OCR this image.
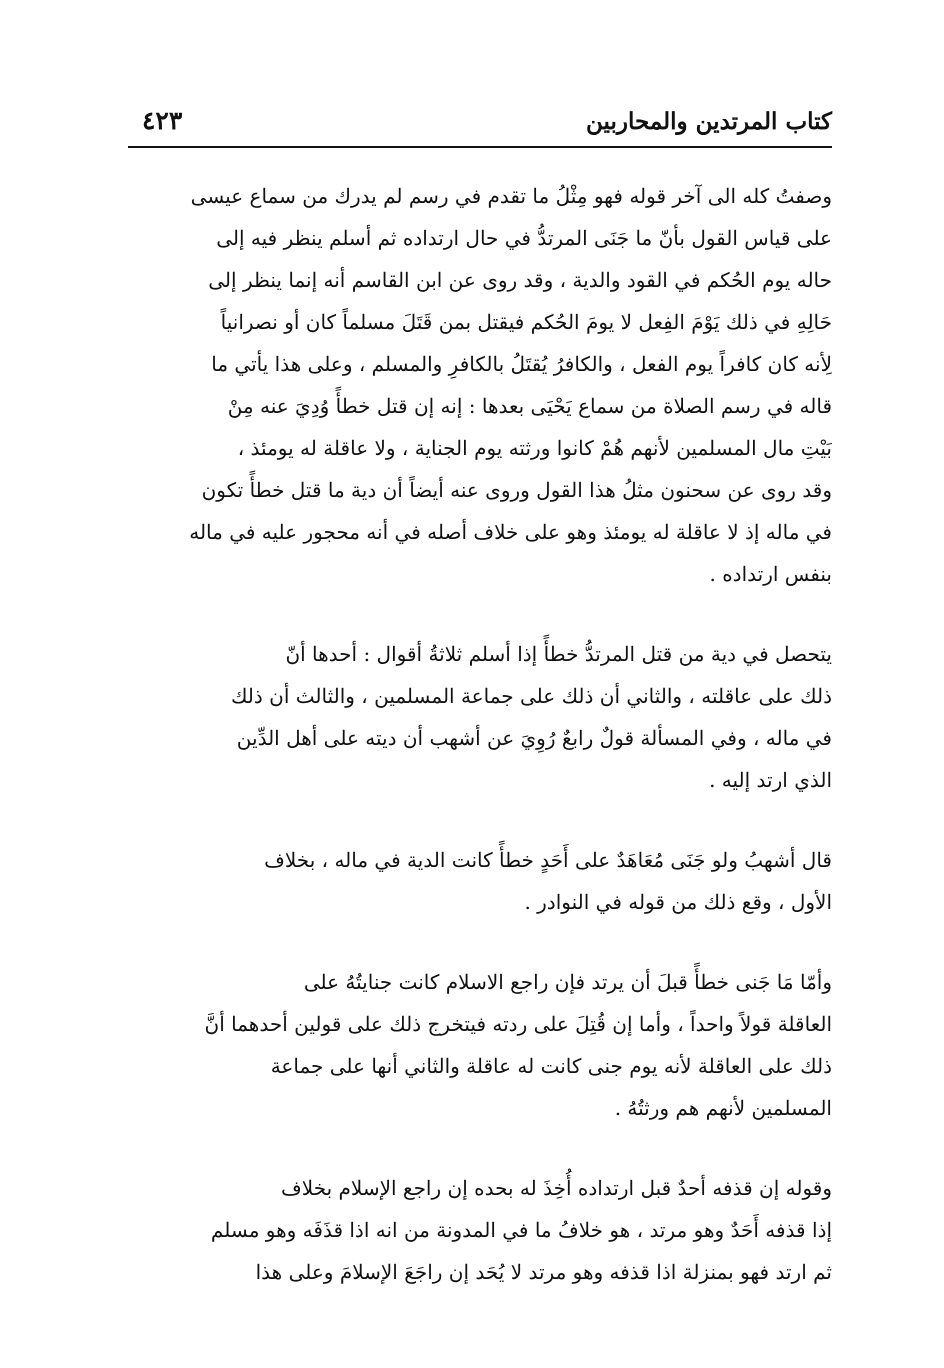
كتاب المرتدين والمحاربين

٤٢٣

وصفتُ كله الى آخر قوله فهو مِثْلُ ما تقدم في رسم لم يدرك من سماع عيسى
على قياس القول بأنّ ما جَنَى المرتدُّ في حال ارتداده ثم أسلم ينظر فيه إلى
حاله يوم الحُكم في القود والدية ، وقد روى عن ابن القاسم أنه إنما ينظر إلى
حَالِهِ في ذلك يَوْمَ الفِعل لا يومَ الحُكم فيقتل بمن قَتَلَ مسلماً كان أو نصرانياً
لِأنه كان كافراً يوم الفعل ، والكافرُ يُقتَلُ بالكافرِ والمسلم ، وعلى هذا يأتي ما
قاله في رسم الصلاة من سماع يَحْيَى بعدها : إنه إن قتل خطأً وُدِيَ عنه مِنْ
بَيْتِ مال المسلمين لأنهم هُمْ كانوا ورثته يوم الجناية ، ولا عاقلة له يومئذ ،
وقد روى عن سحنون مثلُ هذا القول وروى عنه أيضاً أن دية ما قتل خطأً تكون
في ماله إذ لا عاقلة له يومئذ وهو على خلاف أصله في أنه محجور عليه في ماله
بنفس ارتداده .

يتحصل في دية من قتل المرتدُّ خطأً إذا أسلم ثلاثةُ أقوال : أحدها أنّ
ذلك على عاقلته ، والثاني أن ذلك على جماعة المسلمين ، والثالث أن ذلك
في ماله ، وفي المسألة قولٌ رابعٌ رُوِيَ عن أشهب أن ديته على أهل الدِّين
الذي ارتد إليه .

قال أشهبُ ولو جَنَى مُعَاهَدٌ على أَحَدٍ خطأً كانت الدية في ماله ، بخلاف
الأول ، وقع ذلك من قوله في النوادر .

وأمّا مَا جَنى خطأً قبلَ أن يرتد فإن راجع الاسلام كانت جنايتُهُ على
العاقلة قولاً واحداً ، وأما إن قُتِلَ على ردته فيتخرج ذلك على قولين أحدهما أنَّ
ذلك على العاقلة لأنه يوم جنى كانت له عاقلة والثاني أنها على جماعة
المسلمين لأنهم هم ورثتُهُ .

وقوله إن قذفه أحدٌ قبل ارتداده أُخِذَ له بحده إن راجع الإسلام بخلاف
إذا قذفه أَحَدٌ وهو مرتد ، هو خلافُ ما في المدونة من انه اذا قذَفَه وهو مسلم
ثم ارتد فهو بمنزلة اذا قذفه وهو مرتد لا يُحَد إن راجَعَ الإسلامَ وعلى هذا
